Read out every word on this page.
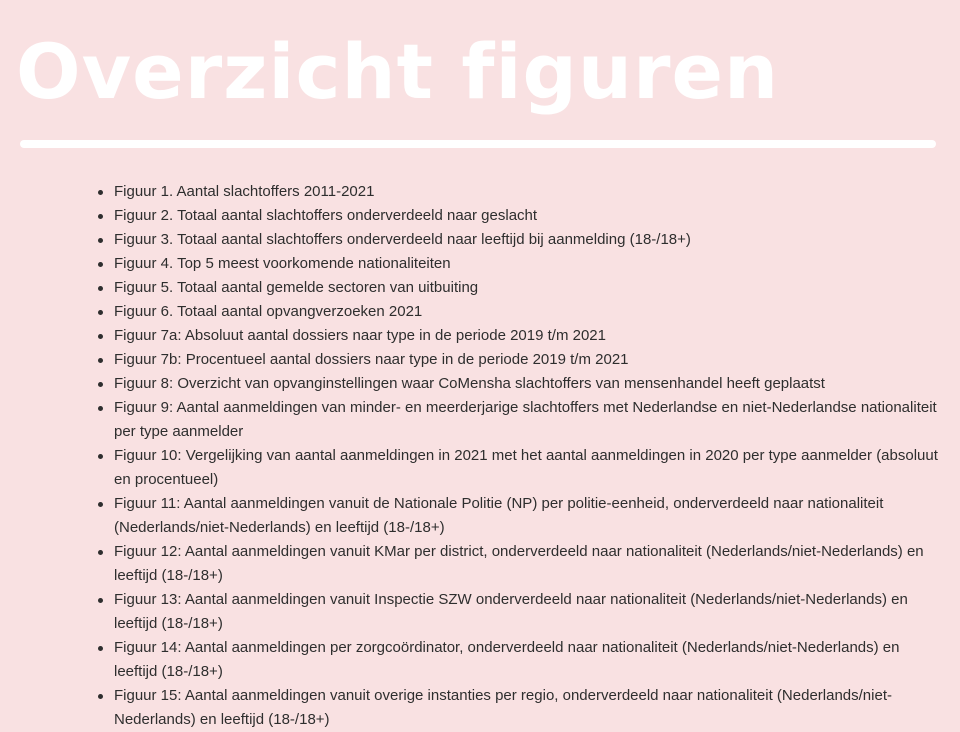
Overzicht figuren
Figuur 1. Aantal slachtoffers 2011-2021
Figuur 2. Totaal aantal slachtoffers onderverdeeld naar geslacht
Figuur 3. Totaal aantal slachtoffers onderverdeeld naar leeftijd bij aanmelding (18-/18+)
Figuur 4. Top 5 meest voorkomende nationaliteiten
Figuur 5. Totaal aantal gemelde sectoren van uitbuiting
Figuur 6. Totaal aantal opvangverzoeken 2021
Figuur 7a: Absoluut aantal dossiers naar type in de periode 2019 t/m 2021
Figuur 7b: Procentueel aantal dossiers naar type in de periode 2019 t/m 2021
Figuur 8: Overzicht van opvanginstellingen waar CoMensha slachtoffers van mensenhandel heeft geplaatst
Figuur 9: Aantal aanmeldingen van minder- en meerderjarige slachtoffers met Nederlandse en niet-Nederlandse nationaliteit per type aanmelder
Figuur 10: Vergelijking van aantal aanmeldingen in 2021 met het aantal aanmeldingen in 2020 per type aanmelder (absoluut en procentueel)
Figuur 11: Aantal aanmeldingen vanuit de Nationale Politie (NP) per politie-eenheid, onderverdeeld naar nationaliteit (Nederlands/niet-Nederlands) en leeftijd (18-/18+)
Figuur 12: Aantal aanmeldingen vanuit KMar per district, onderverdeeld naar nationaliteit (Nederlands/niet-Nederlands) en leeftijd (18-/18+)
Figuur 13: Aantal aanmeldingen vanuit Inspectie SZW onderverdeeld naar nationaliteit (Nederlands/niet-Nederlands) en leeftijd (18-/18+)
Figuur 14: Aantal aanmeldingen per zorgcoördinator, onderverdeeld naar nationaliteit (Nederlands/niet-Nederlands) en leeftijd (18-/18+)
Figuur 15: Aantal aanmeldingen vanuit overige instanties per regio, onderverdeeld naar nationaliteit (Nederlands/niet-Nederlands) en leeftijd (18-/18+)
